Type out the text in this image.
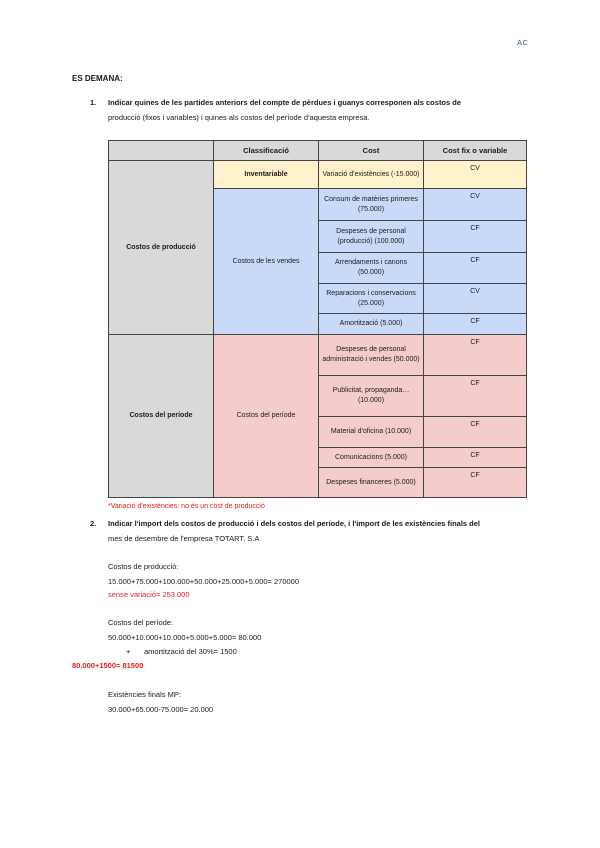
AC
ES DEMANA:
1. Indicar quines de les partides anteriors del compte de pèrdues i guanys corresponen als costos de
producció (fixos i variables) i quines als costos del període d'aquesta empresa.
	Classificació	Cost	Cost fix o variable
Costos de producció	Inventariable	Variació d'existències (-15.000)	CV
	Costos de les vendes	Consum de matèries primeres (75.000)	CV
		Despeses de personal (producció) (100.000)	CF
		Arrendaments i canons (50.000)	CF
		Reparacions i conservacions (25.000)	CV
		Amortització (5.000)	CF
Costos del període	Costos del període	Despeses de personal administració i vendes (50.000)	CF
		Publicitat, propaganda… (10.000)	CF
		Material d'oficina (10.000)	CF
		Comunicacions (5.000)	CF
		Despeses financeres (5.000)	CF
*Variació d'existències: no és un cost de producció
2. Indicar l'import dels costos de producció i dels costos del període, i l'import de les existències finals del
mes de desembre de l'empresa TOTART, S.A
Costos de producció:
15.000+75.000+100.000+50.000+25.000+5.000= 270000
sense variació= 253.000
Costos del període:
50.000+10.000+10.000+5.000+5.000= 80.000
+ amortització del 30%= 1500
80.000+1500= 81500
Existències finals MP:
30.000+65.000-75.000= 20.000
